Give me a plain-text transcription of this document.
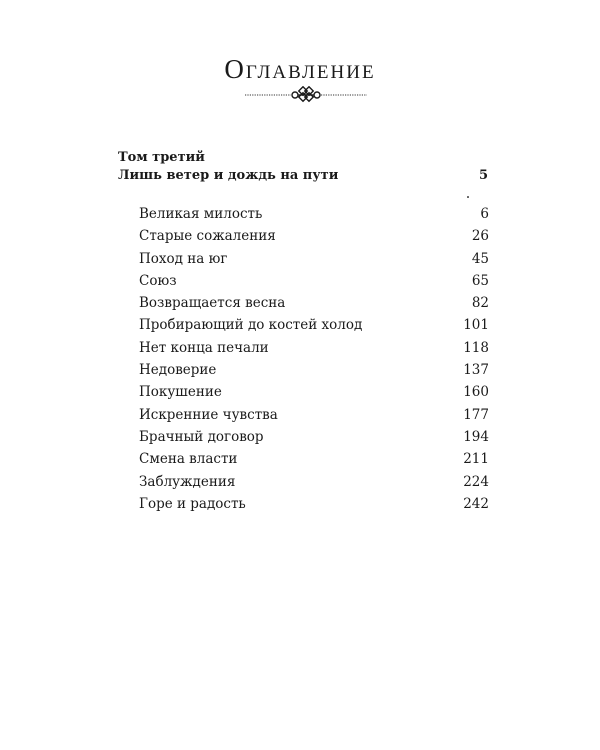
Оглавление
Том третий
Лишь ветер и дождь на пути	5
Великая милость	6
Старые сожаления	26
Поход на юг	45
Союз	65
Возвращается весна	82
Пробирающий до костей холод	101
Нет конца печали	118
Недоверие	137
Покушение	160
Искренние чувства	177
Брачный договор	194
Смена власти	211
Заблуждения	224
Горе и радость	242
